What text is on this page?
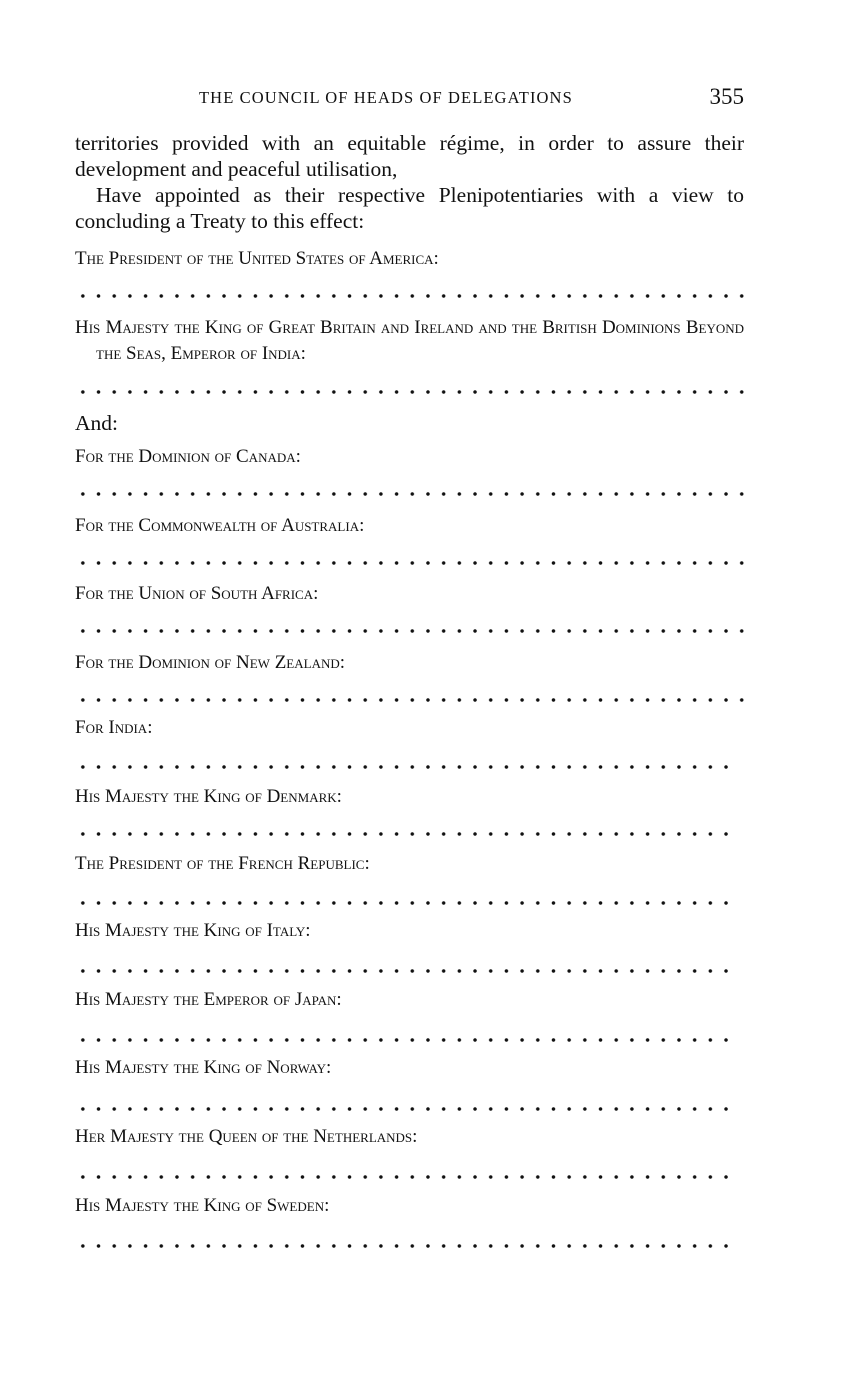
THE COUNCIL OF HEADS OF DELEGATIONS	355

territories provided with an equitable régime, in order to assure their development and peaceful utilisation,

Have appointed as their respective Plenipotentiaries with a view to concluding a Treaty to this effect:

The President of the United States of America:
His Majesty the King of Great Britain and Ireland and the British Dominions Beyond the Seas, Emperor of India:
And:
For the Dominion of Canada:
For the Commonwealth of Australia:
For the Union of South Africa:
For the Dominion of New Zealand:
For India:
His Majesty the King of Denmark:
The President of the French Republic:
His Majesty the King of Italy:
His Majesty the Emperor of Japan:
His Majesty the King of Norway:
Her Majesty the Queen of the Netherlands:
His Majesty the King of Sweden:
